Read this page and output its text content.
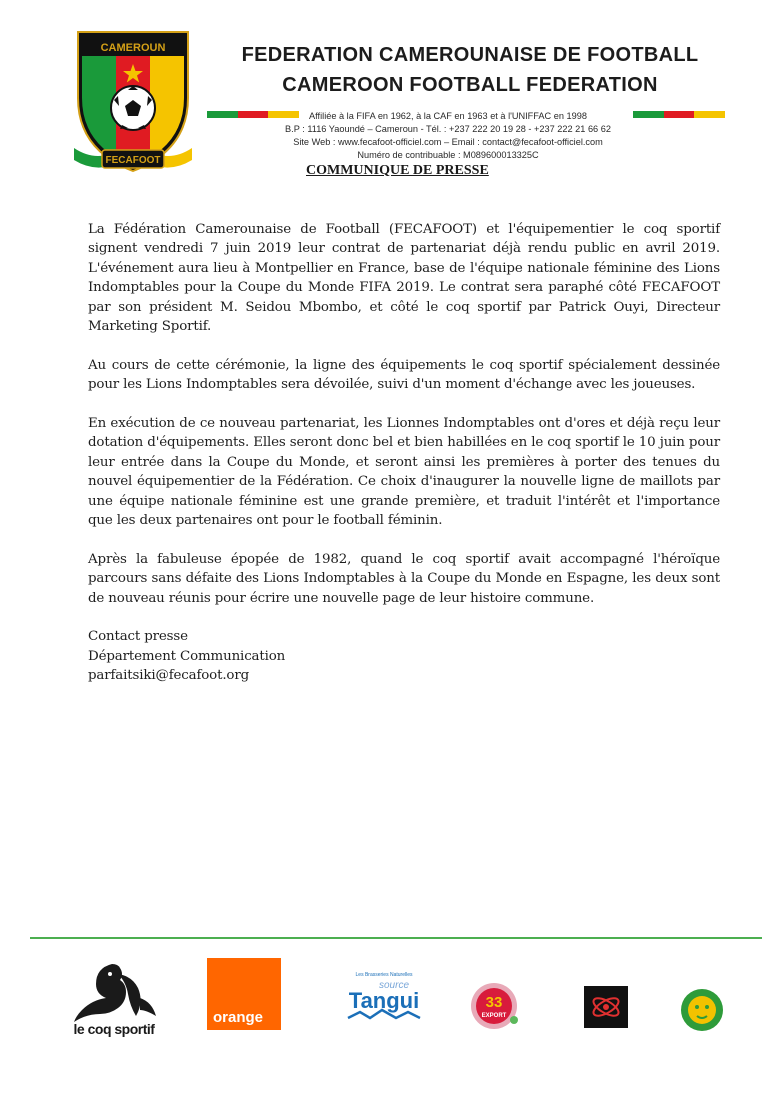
CAMEROUN
FECAFOOT
FEDERATION CAMEROUNAISE DE FOOTBALL
CAMEROON FOOTBALL FEDERATION
Affiliée à la FIFA en 1962, à la CAF en 1963 et à l'UNIFFAC en 1998
B.P : 1116 Yaoundé – Cameroun - Tél. : +237 222 20 19 28 - +237 222 21 66 62
Site Web : www.fecafoot-officiel.com – Email : contact@fecafoot-officiel.com
Numéro de contribuable : M089600013325C
COMMUNIQUE DE PRESSE

La Fédération Camerounaise de Football (FECAFOOT) et l'équipementier le coq sportif signent vendredi 7 juin 2019 leur contrat de partenariat déjà rendu public en avril 2019. L'événement aura lieu à Montpellier en France, base de l'équipe nationale féminine des Lions Indomptables pour la Coupe du Monde FIFA 2019. Le contrat sera paraphé côté FECAFOOT par son président M. Seidou Mbombo, et côté le coq sportif par Patrick Ouyi, Directeur Marketing Sportif.

Au cours de cette cérémonie, la ligne des équipements le coq sportif spécialement dessinée pour les Lions Indomptables sera dévoilée, suivi d'un moment d'échange avec les joueuses.

En exécution de ce nouveau partenariat, les Lionnes Indomptables ont d'ores et déjà reçu leur dotation d'équipements. Elles seront donc bel et bien habillées en le coq sportif le 10 juin pour leur entrée dans la Coupe du Monde, et seront ainsi les premières à porter des tenues du nouvel équipementier de la Fédération. Ce choix d'inaugurer la nouvelle ligne de maillots par une équipe nationale féminine est une grande première, et traduit l'intérêt et l'importance que les deux partenaires ont pour le football féminin.

Après la fabuleuse épopée de 1982, quand le coq sportif avait accompagné l'héroïque parcours sans défaite des Lions Indomptables à la Coupe du Monde en Espagne, les deux sont de nouveau réunis pour écrire une nouvelle page de leur histoire commune.

Contact presse

Département Communication

parfaitsiki@fecafoot.org

le coq sportif
orange
Les Brasseries Naturelles
source
Tangui	33
EXPORT
